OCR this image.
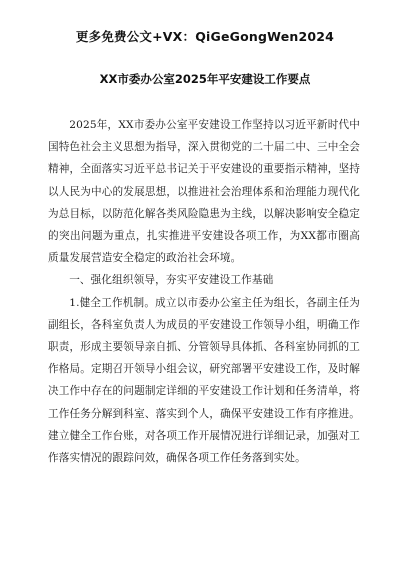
更多免费公文+VX：QiGeGongWen2024
XX市委办公室2025年平安建设工作要点

2025年，XX市委办公室平安建设工作坚持以习近平新时代中国特色社会主义思想为指导，深入贯彻党的二十届二中、三中全会精神，全面落实习近平总书记关于平安建设的重要指示精神，坚持以人民为中心的发展思想，以推进社会治理体系和治理能力现代化为总目标，以防范化解各类风险隐患为主线，以解决影响安全稳定的突出问题为重点，扎实推进平安建设各项工作，为XX都市圈高质量发展营造安全稳定的政治社会环境。

一、强化组织领导，夯实平安建设工作基础

1.健全工作机制。成立以市委办公室主任为组长，各副主任为副组长，各科室负责人为成员的平安建设工作领导小组，明确工作职责，形成主要领导亲自抓、分管领导具体抓、各科室协同抓的工作格局。定期召开领导小组会议，研究部署平安建设工作，及时解决工作中存在的问题制定详细的平安建设工作计划和任务清单，将工作任务分解到科室、落实到个人，确保平安建设工作有序推进。建立健全工作台账，对各项工作开展情况进行详细记录，加强对工作落实情况的跟踪问效，确保各项工作任务落到实处。
